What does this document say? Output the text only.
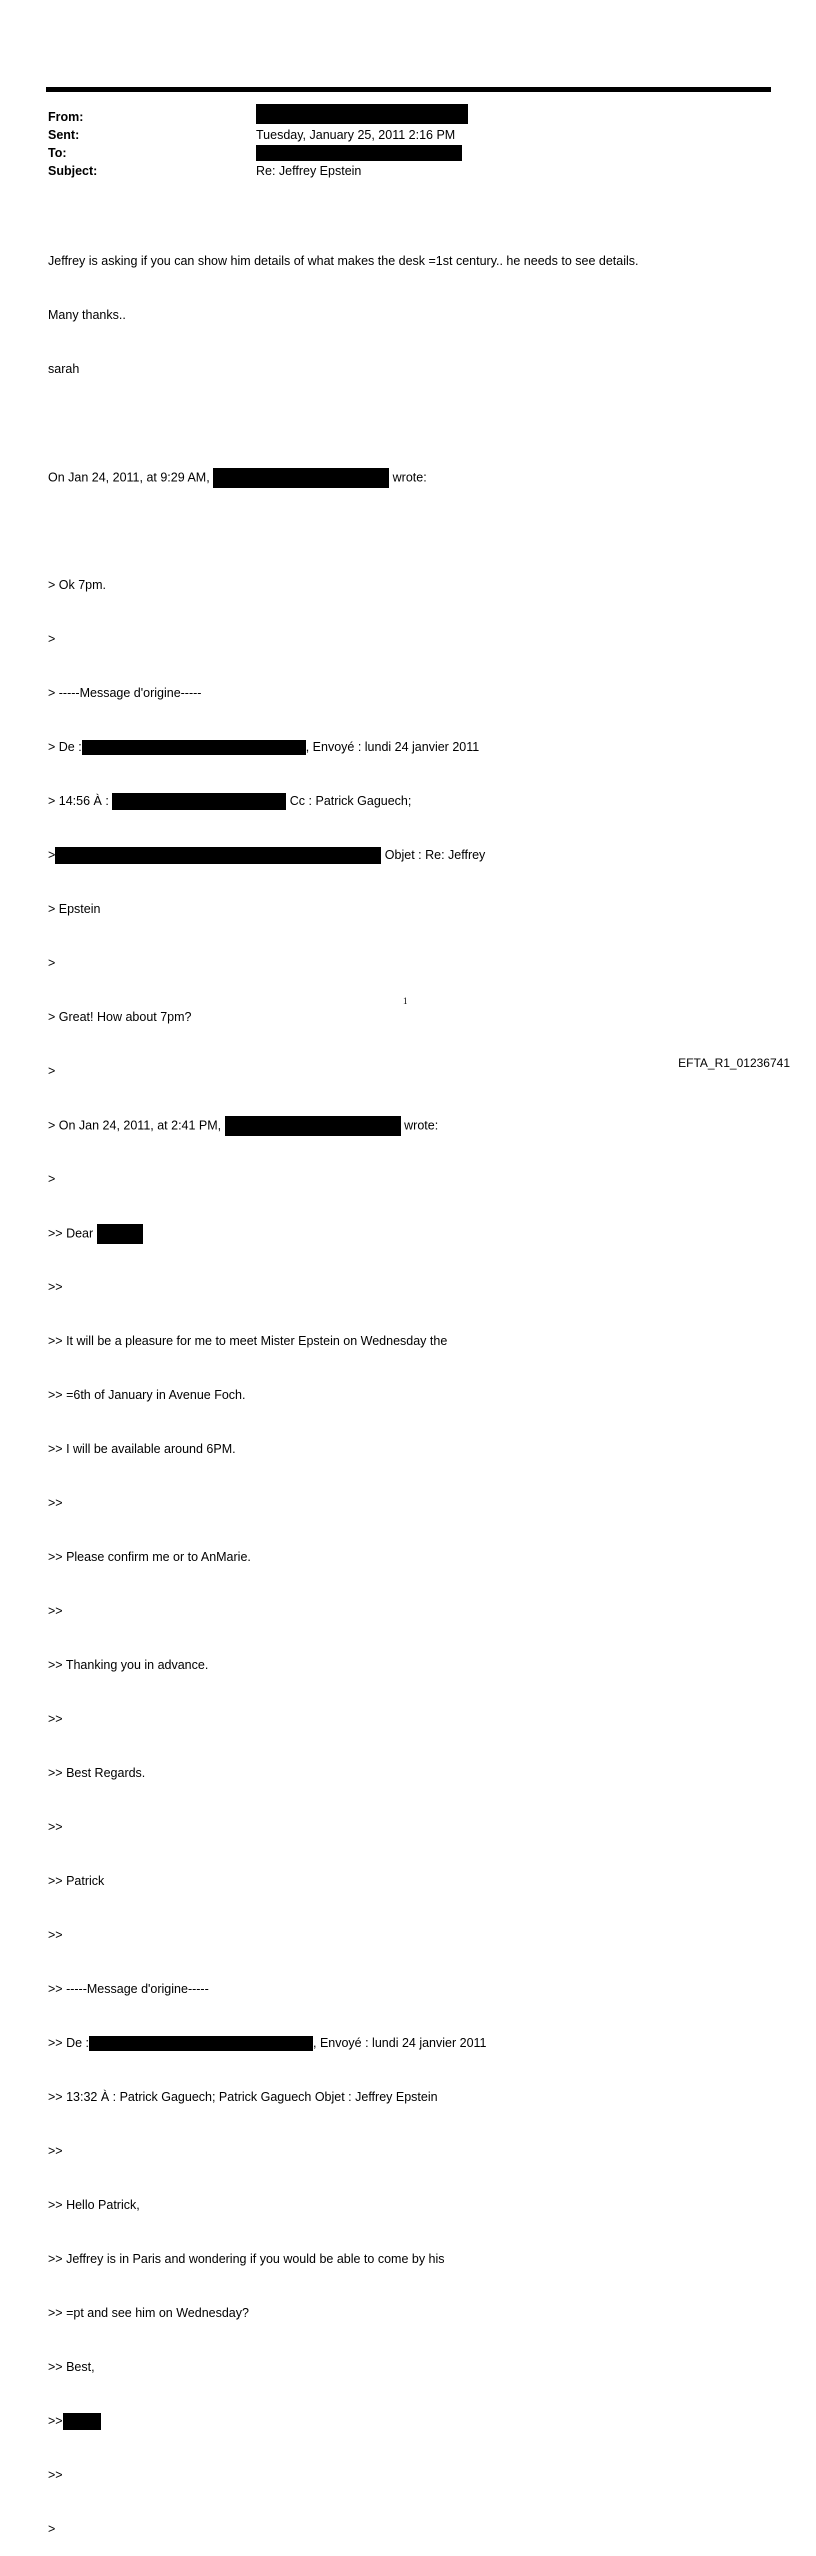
From:
Sent:	Tuesday, January 25, 2011 2:16 PM
To:
Subject:	Re: Jeffrey Epstein

Jeffrey is asking if you can show him details of what makes the desk =1st century.. he needs to see details.

Many thanks..

sarah

On Jan 24, 2011, at 9:29 AM,	wrote:

> Ok 7pm.

>

> -----Message d'origine-----

> De :	, Envoyé : lundi 24 janvier 2011

> 14:56 À :	Cc : Patrick Gaguech;

>	Objet : Re: Jeffrey

> Epstein

>

> Great! How about 7pm?

>

> On Jan 24, 2011, at 2:41 PM,	wrote:

>

>> Dear

>>

>> It will be a pleasure for me to meet Mister Epstein on Wednesday the

>> =6th of January in Avenue Foch.

>> I will be available around 6PM.

>>

>> Please confirm me or to AnMarie.

>>

>> Thanking you in advance.

>>

>> Best Regards.

>>

>> Patrick

>>

>> -----Message d'origine-----

>> De :	, Envoyé : lundi 24 janvier 2011

>> 13:32 À : Patrick Gaguech; Patrick Gaguech Objet : Jeffrey Epstein

>>

>> Hello Patrick,

>> Jeffrey is in Paris and wondering if you would be able to come by his

>> =pt and see him on Wednesday?

>> Best,

>>

>>

>

1
EFTA_R1_01236741
